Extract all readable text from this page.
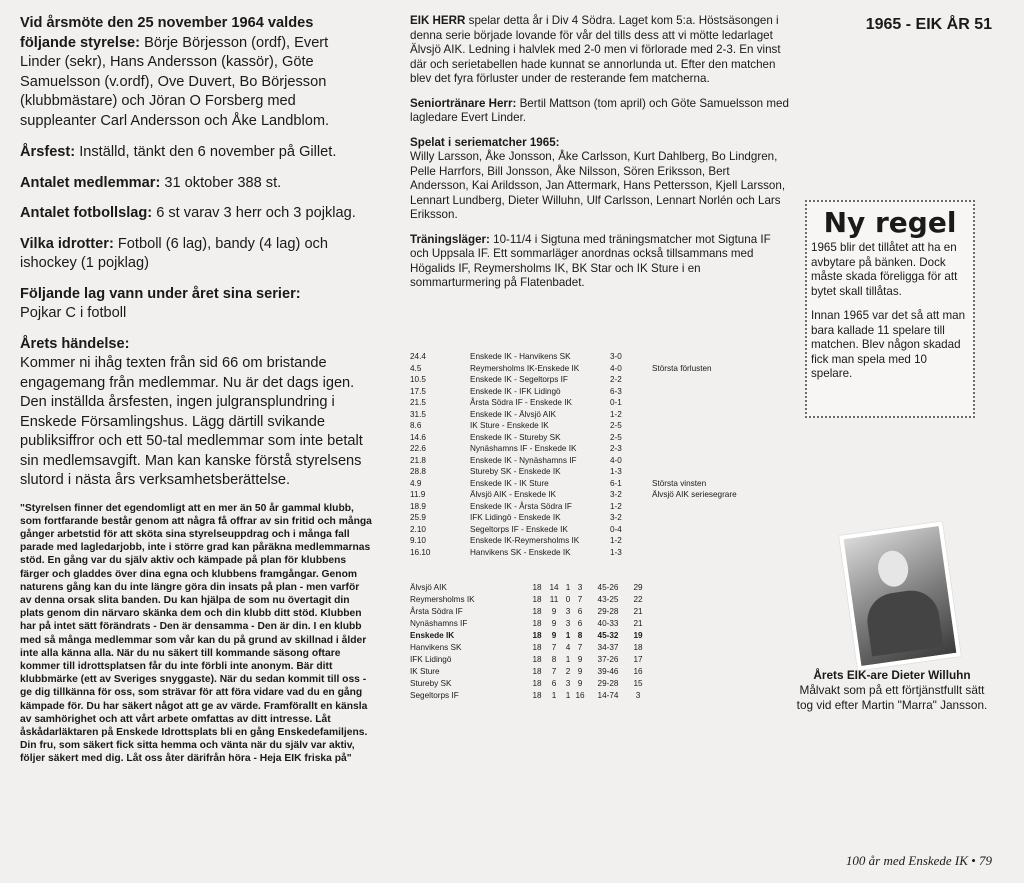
1965 - EIK ÅR 51

Vid årsmöte den 25 november 1964 valdes följande styrelse: Börje Börjesson (ordf), Evert Linder (sekr), Hans Andersson (kassör), Göte Samuelsson (v.ordf), Ove Duvert, Bo Börjesson (klubbmästare) och Jöran O Forsberg med suppleanter Carl Andersson och Åke Landblom.

Årsfest: Inställd, tänkt den 6 november på Gillet.

Antalet medlemmar: 31 oktober 388 st.

Antalet fotbollslag: 6 st varav 3 herr och 3 pojklag.

Vilka idrotter: Fotboll (6 lag), bandy (4 lag) och ishockey (1 pojklag)

Följande lag vann under året sina serier:
Pojkar C i fotboll

Årets händelse:
Kommer ni ihåg texten från sid 66 om bristande engagemang från medlemmar. Nu är det dags igen. Den inställda årsfesten, ingen julgransplundring i Enskede Församlingshus. Lägg därtill svikande publiksiffror och ett 50-tal medlemmar som inte betalt sin medlemsavgift. Man kan kanske förstå styrelsens slutord i nästa års verksamhetsberättelse.

"Styrelsen finner det egendomligt att en mer än 50 år gammal klubb, som fortfarande består genom att några få offrar av sin fritid och många gånger arbetstid för att sköta sina styrelseuppdrag och i många fall parade med lagledarjobb, inte i större grad kan påräkna medlemmarnas stöd. En gång var du själv aktiv och kämpade på plan för klubbens färger och gladdes över dina egna och klubbens framgångar. Genom naturens gång kan du inte längre göra din insats på plan - men varför av denna orsak slita banden. Du kan hjälpa de som nu övertagit din plats genom din närvaro skänka dem och din klubb ditt stöd. Klubben har på intet sätt förändrats - Den är densamma - Den är din. I en klubb med så många medlemmar som vår kan du på grund av skillnad i ålder inte alla känna alla. När du nu säkert till kommande säsong oftare kommer till idrottsplatsen får du inte förbli inte anonym. Bär ditt klubbmärke (ett av Sveriges snyggaste). När du sedan kommit till oss - ge dig tillkänna för oss, som strävar för att föra vidare vad du en gång kämpade för. Du har säkert något att ge av värde. Framförallt en känsla av samhörighet och att vårt arbete omfattas av ditt intresse. Låt åskådarläktaren på Enskede Idrottsplats bli en gång Enskedefamiljens. Din fru, som säkert fick sitta hemma och vänta när du själv var aktiv, följer säkert med dig. Låt oss åter därifrån höra - Heja EIK friska på"

EIK HERR spelar detta år i Div 4 Södra. Laget kom 5:a. Höstsäsongen i denna serie började lovande för vår del tills dess att vi mötte ledarlaget Älvsjö AIK. Ledning i halvlek med 2-0 men vi förlorade med 2-3. En vinst där och serietabellen hade kunnat se annorlunda ut. Efter den matchen blev det fyra förluster under de resterande fem matcherna.

Seniortränare Herr: Bertil Mattson (tom april) och Göte Samuelsson med lagledare Evert Linder.

Spelat i seriematcher 1965:
Willy Larsson, Åke Jonsson, Åke Carlsson, Kurt Dahlberg, Bo Lindgren, Pelle Harrfors, Bill Jonsson, Åke Nilsson, Sören Eriksson, Bert Andersson, Kai Arildsson, Jan Attermark, Hans Pettersson, Kjell Larsson, Lennart Lundberg, Dieter Willuhn, Ulf Carlsson, Lennart Norlén och Lars Eriksson.

Träningsläger: 10-11/4 i Sigtuna med träningsmatcher mot Sigtuna IF och Uppsala IF. Ett sommarläger anordnas också tillsammans med Högalids IF, Reymersholms IK, BK Star och IK Sture i en sommarturmering på Flatenbadet.

24.4	Enskede IK - Hanvikens SK	3-0
4.5	Reymersholms IK-Enskede IK	4-0	Största förlusten
10.5	Enskede IK - Segeltorps IF	2-2
17.5	Enskede IK - IFK Lidingö	6-3
21.5	Årsta Södra IF - Enskede IK	0-1
31.5	Enskede IK - Älvsjö AIK	1-2
8.6	IK Sture - Enskede IK	2-5
14.6	Enskede IK - Stureby SK	2-5
22.6	Nynäshamns IF - Enskede IK	2-3
21.8	Enskede IK - Nynäshamns IF	4-0
28.8	Stureby SK - Enskede IK	1-3
4.9	Enskede IK - IK Sture	6-1	Största vinsten
11.9	Älvsjö AIK - Enskede IK	3-2	Älvsjö AIK seriesegrare
18.9	Enskede IK - Årsta Södra IF	1-2
25.9	IFK Lidingö - Enskede IK	3-2
2.10	Segeltorps IF - Enskede IK	0-4
9.10	Enskede IK-Reymersholms IK	1-2
16.10	Hanvikens SK - Enskede IK	1-3
Älvsjö AIK	18 14 1 3	45-26	29
Reymersholms IK	18	11 0 7	43-25	22
Årsta Södra IF	18	9	3 6	29-28	21
Nynäshamns IF	18	9	3 6	40-33	21
Enskede IK	18	9	1 8	45-32	19
Hanvikens SK	18	7	4 7	34-37	18
IFK Lidingö	18	8	1 9	37-26	17
IK Sture	18	7	2 9	39-46	16
Stureby SK	18	6	3 9	29-28	15
Segeltorps IF	18	1	1 16	14-74	3
Ny regel

1965 blir det tillåtet att ha en avbytare på bänken. Dock måste skada föreligga för att bytet skall tillåtas.

Innan 1965 var det så att man bara kallade 11 spelare till matchen. Blev någon skadad fick man spela med 10 spelare.

Årets EIK-are Dieter Willuhn
Målvakt som på ett förtjänstfullt sätt tog vid efter Martin "Marra" Jansson.
100 år med Enskede IK • 79
